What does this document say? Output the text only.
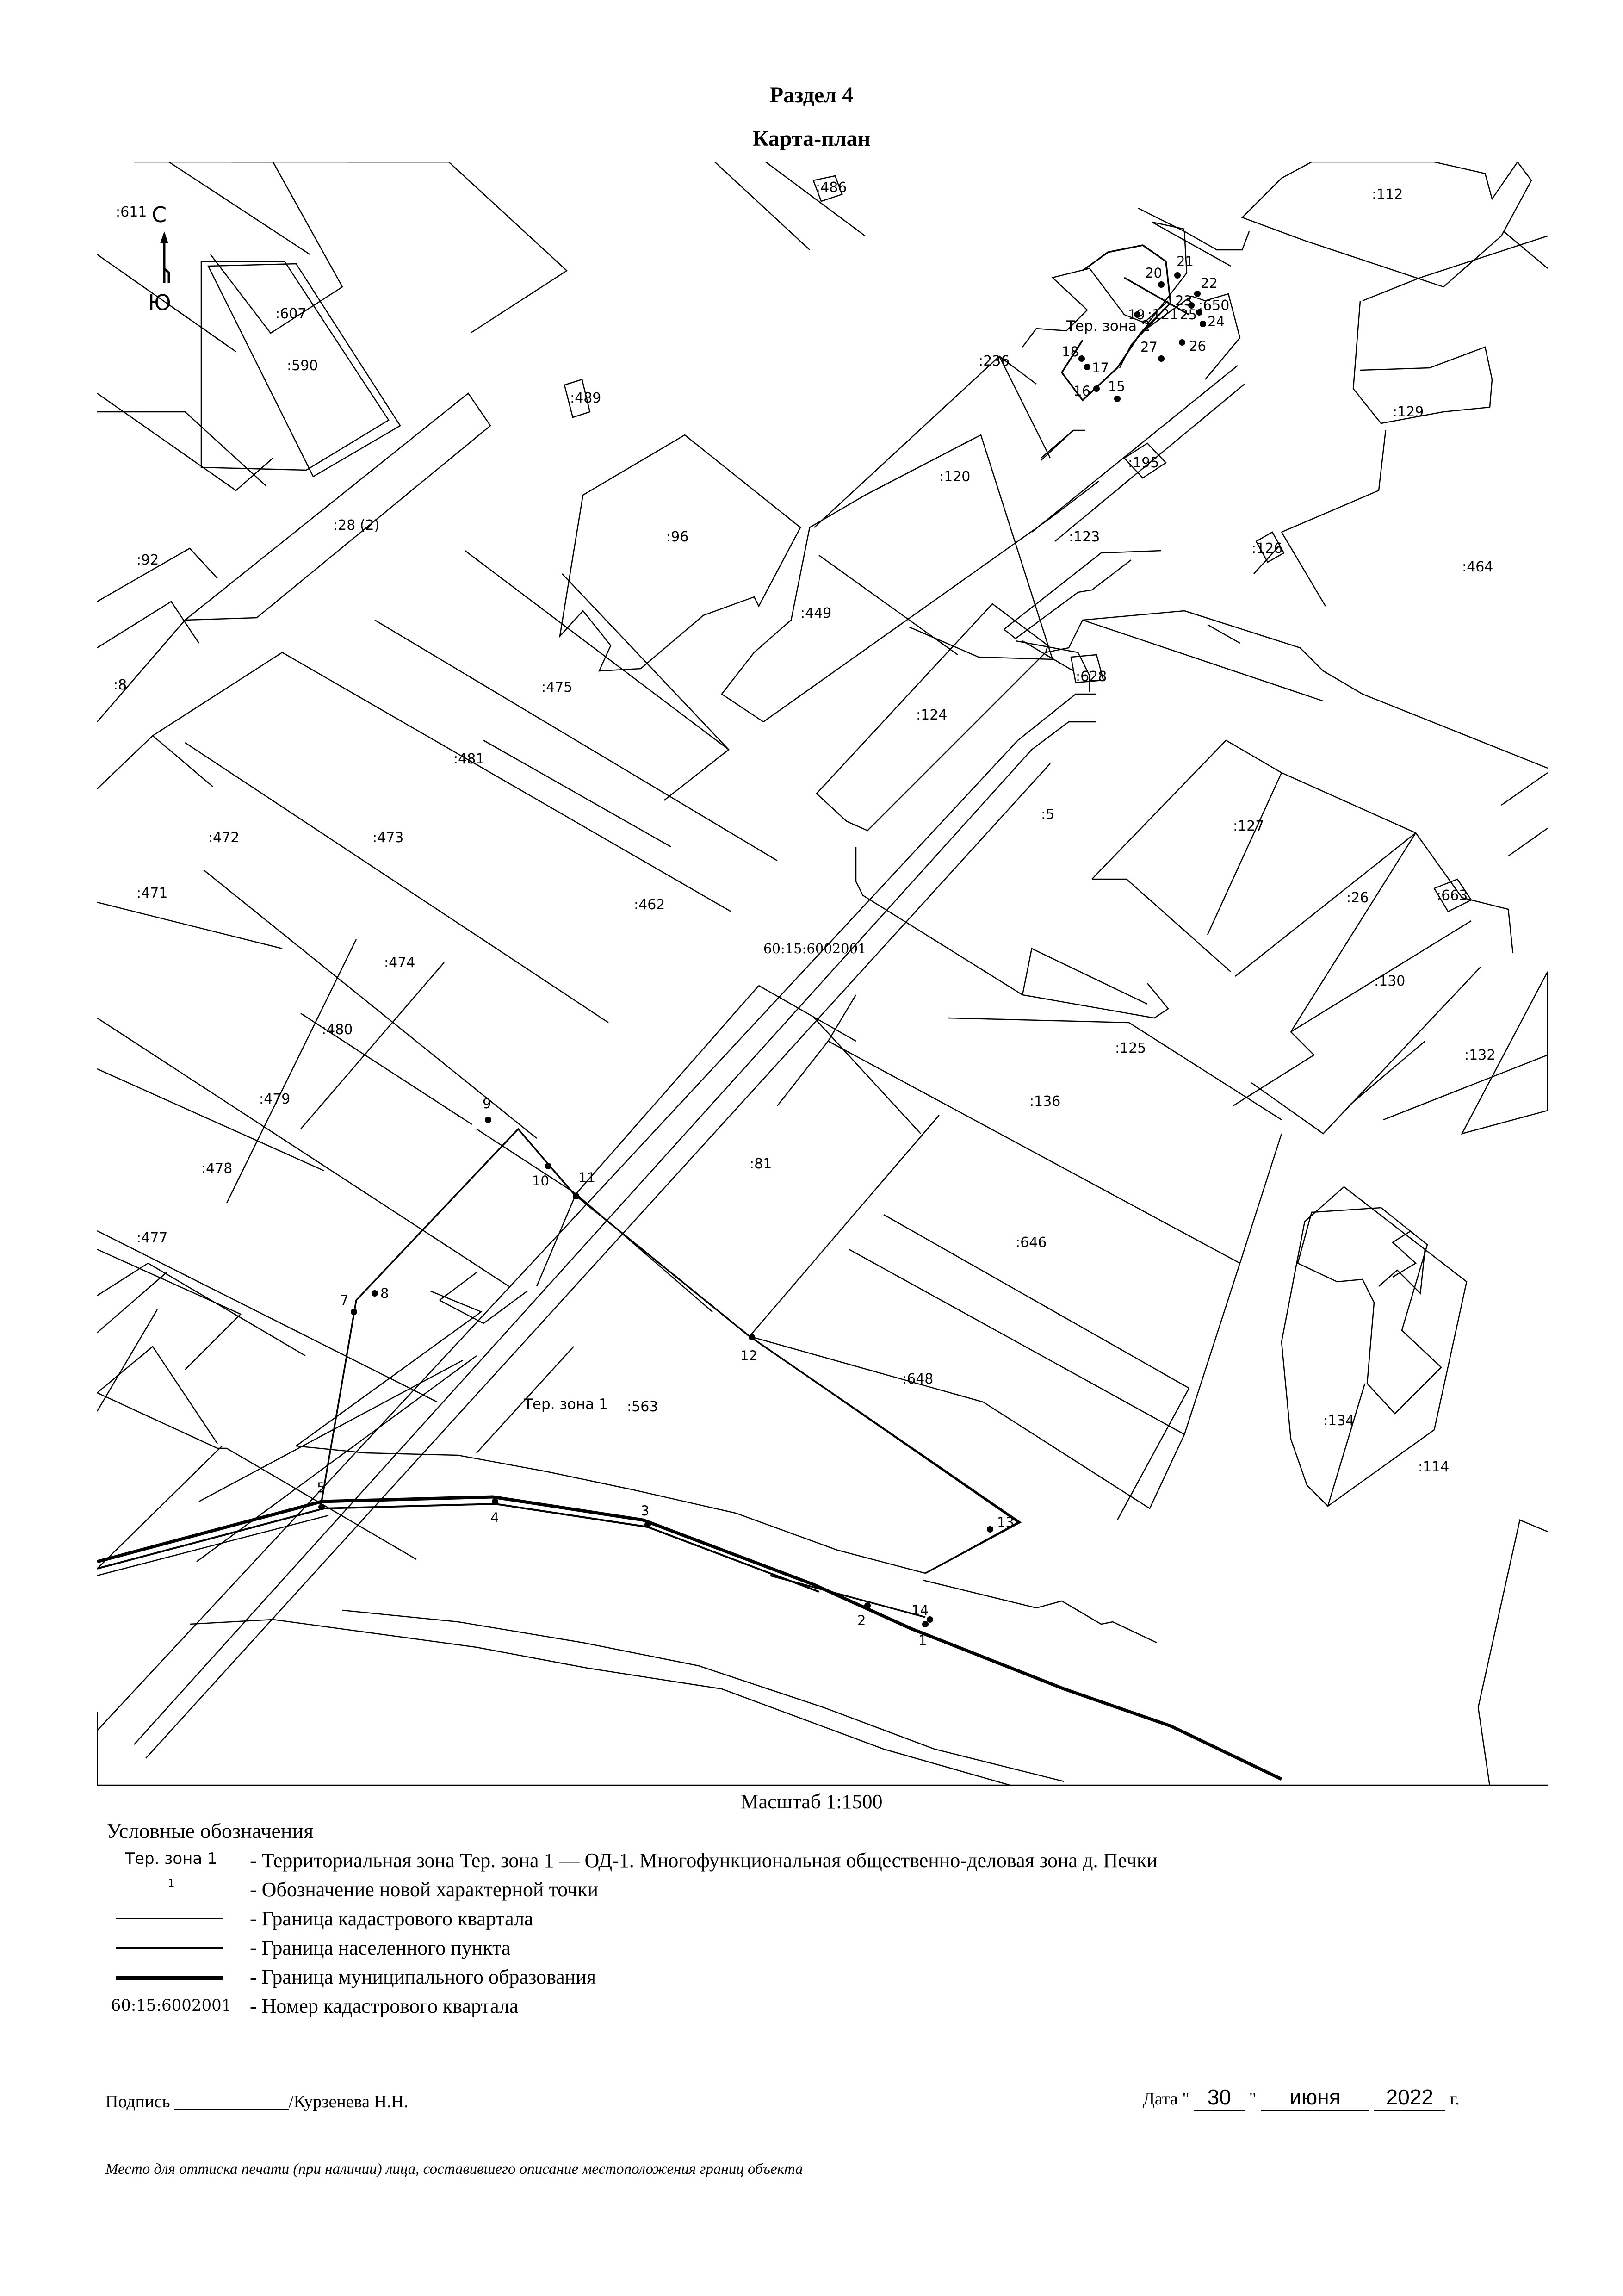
Раздел 4
Карта-план
С
Ю
:611
:607
:590
:489
:486	:112
:129
:464
:126
:195
:123
:120
:236
:96
:449
:28 (2)
:92
:8	:475
:481
:472	:473
:471
:474
:480
:479
:478
:477
:462
:124
:628
:5
:127
:26	:663
:130
:132
:125
:136
:81
:646
:648
:563
:134
:114
:121
:650
Тер. зона 1
Тер. зона 2
60:15:6002001
1
2
3
4
5
7 8
9
10 11
12
13
14
15
16
17
18
19
20
21
22
23
24
25
26
27
Масштаб 1:1500
Условные обозначения
Тер. зона 1	- Территориальная зона Тер. зона 1 — ОД-1. Многофункциональная общественно-деловая зона д. Печки
1	- Обозначение новой характерной точки
- Граница кадастрового квартала
- Граница населенного пункта
- Граница муниципального образования
60:15:6002001 - Номер кадастрового квартала
Подпись _____________/Курзенева Н.Н.	Дата " 30 " июня 2022 г.
Место для оттиска печати (при наличии) лица, составившего описание местоположения границ объекта
